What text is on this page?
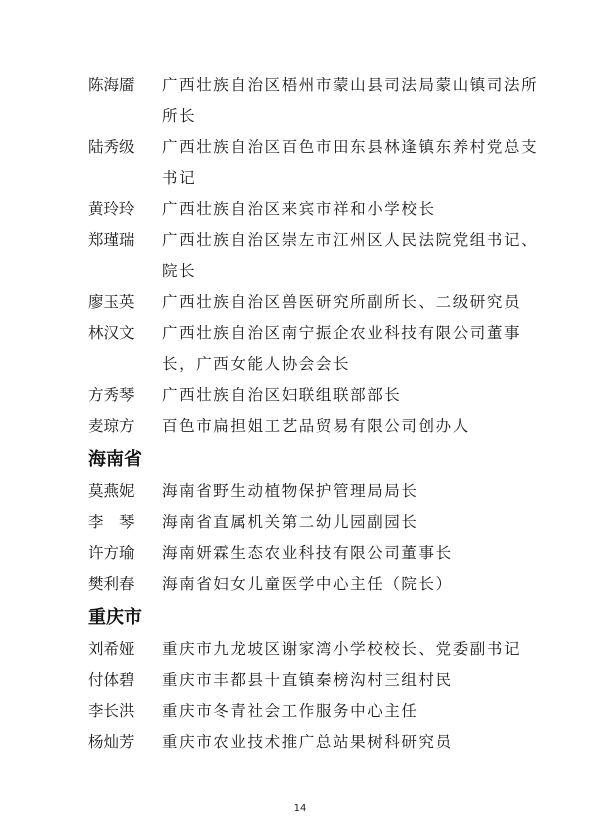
陈海靥	广西壮族自治区梧州市蒙山县司法局蒙山镇司法所所长
陆秀级	广西壮族自治区百色市田东县林逢镇东养村党总支书记
黄玲玲	广西壮族自治区来宾市祥和小学校长
郑瑾瑞	广西壮族自治区崇左市江州区人民法院党组书记、院长
廖玉英	广西壮族自治区兽医研究所副所长、二级研究员
林汉文	广西壮族自治区南宁振企农业科技有限公司董事长，广西女能人协会会长
方秀琴	广西壮族自治区妇联组联部部长
麦琼方	百色市扁担姐工艺品贸易有限公司创办人
海南省
莫燕妮	海南省野生动植物保护管理局局长
李　琴	海南省直属机关第二幼儿园副园长
许方瑜	海南妍霖生态农业科技有限公司董事长
樊利春	海南省妇女儿童医学中心主任（院长）
重庆市
刘希娅	重庆市九龙坡区谢家湾小学校校长、党委副书记
付体碧	重庆市丰都县十直镇秦榜沟村三组村民
李长洪	重庆市冬青社会工作服务中心主任
杨灿芳	重庆市农业技术推广总站果树科研究员
14
